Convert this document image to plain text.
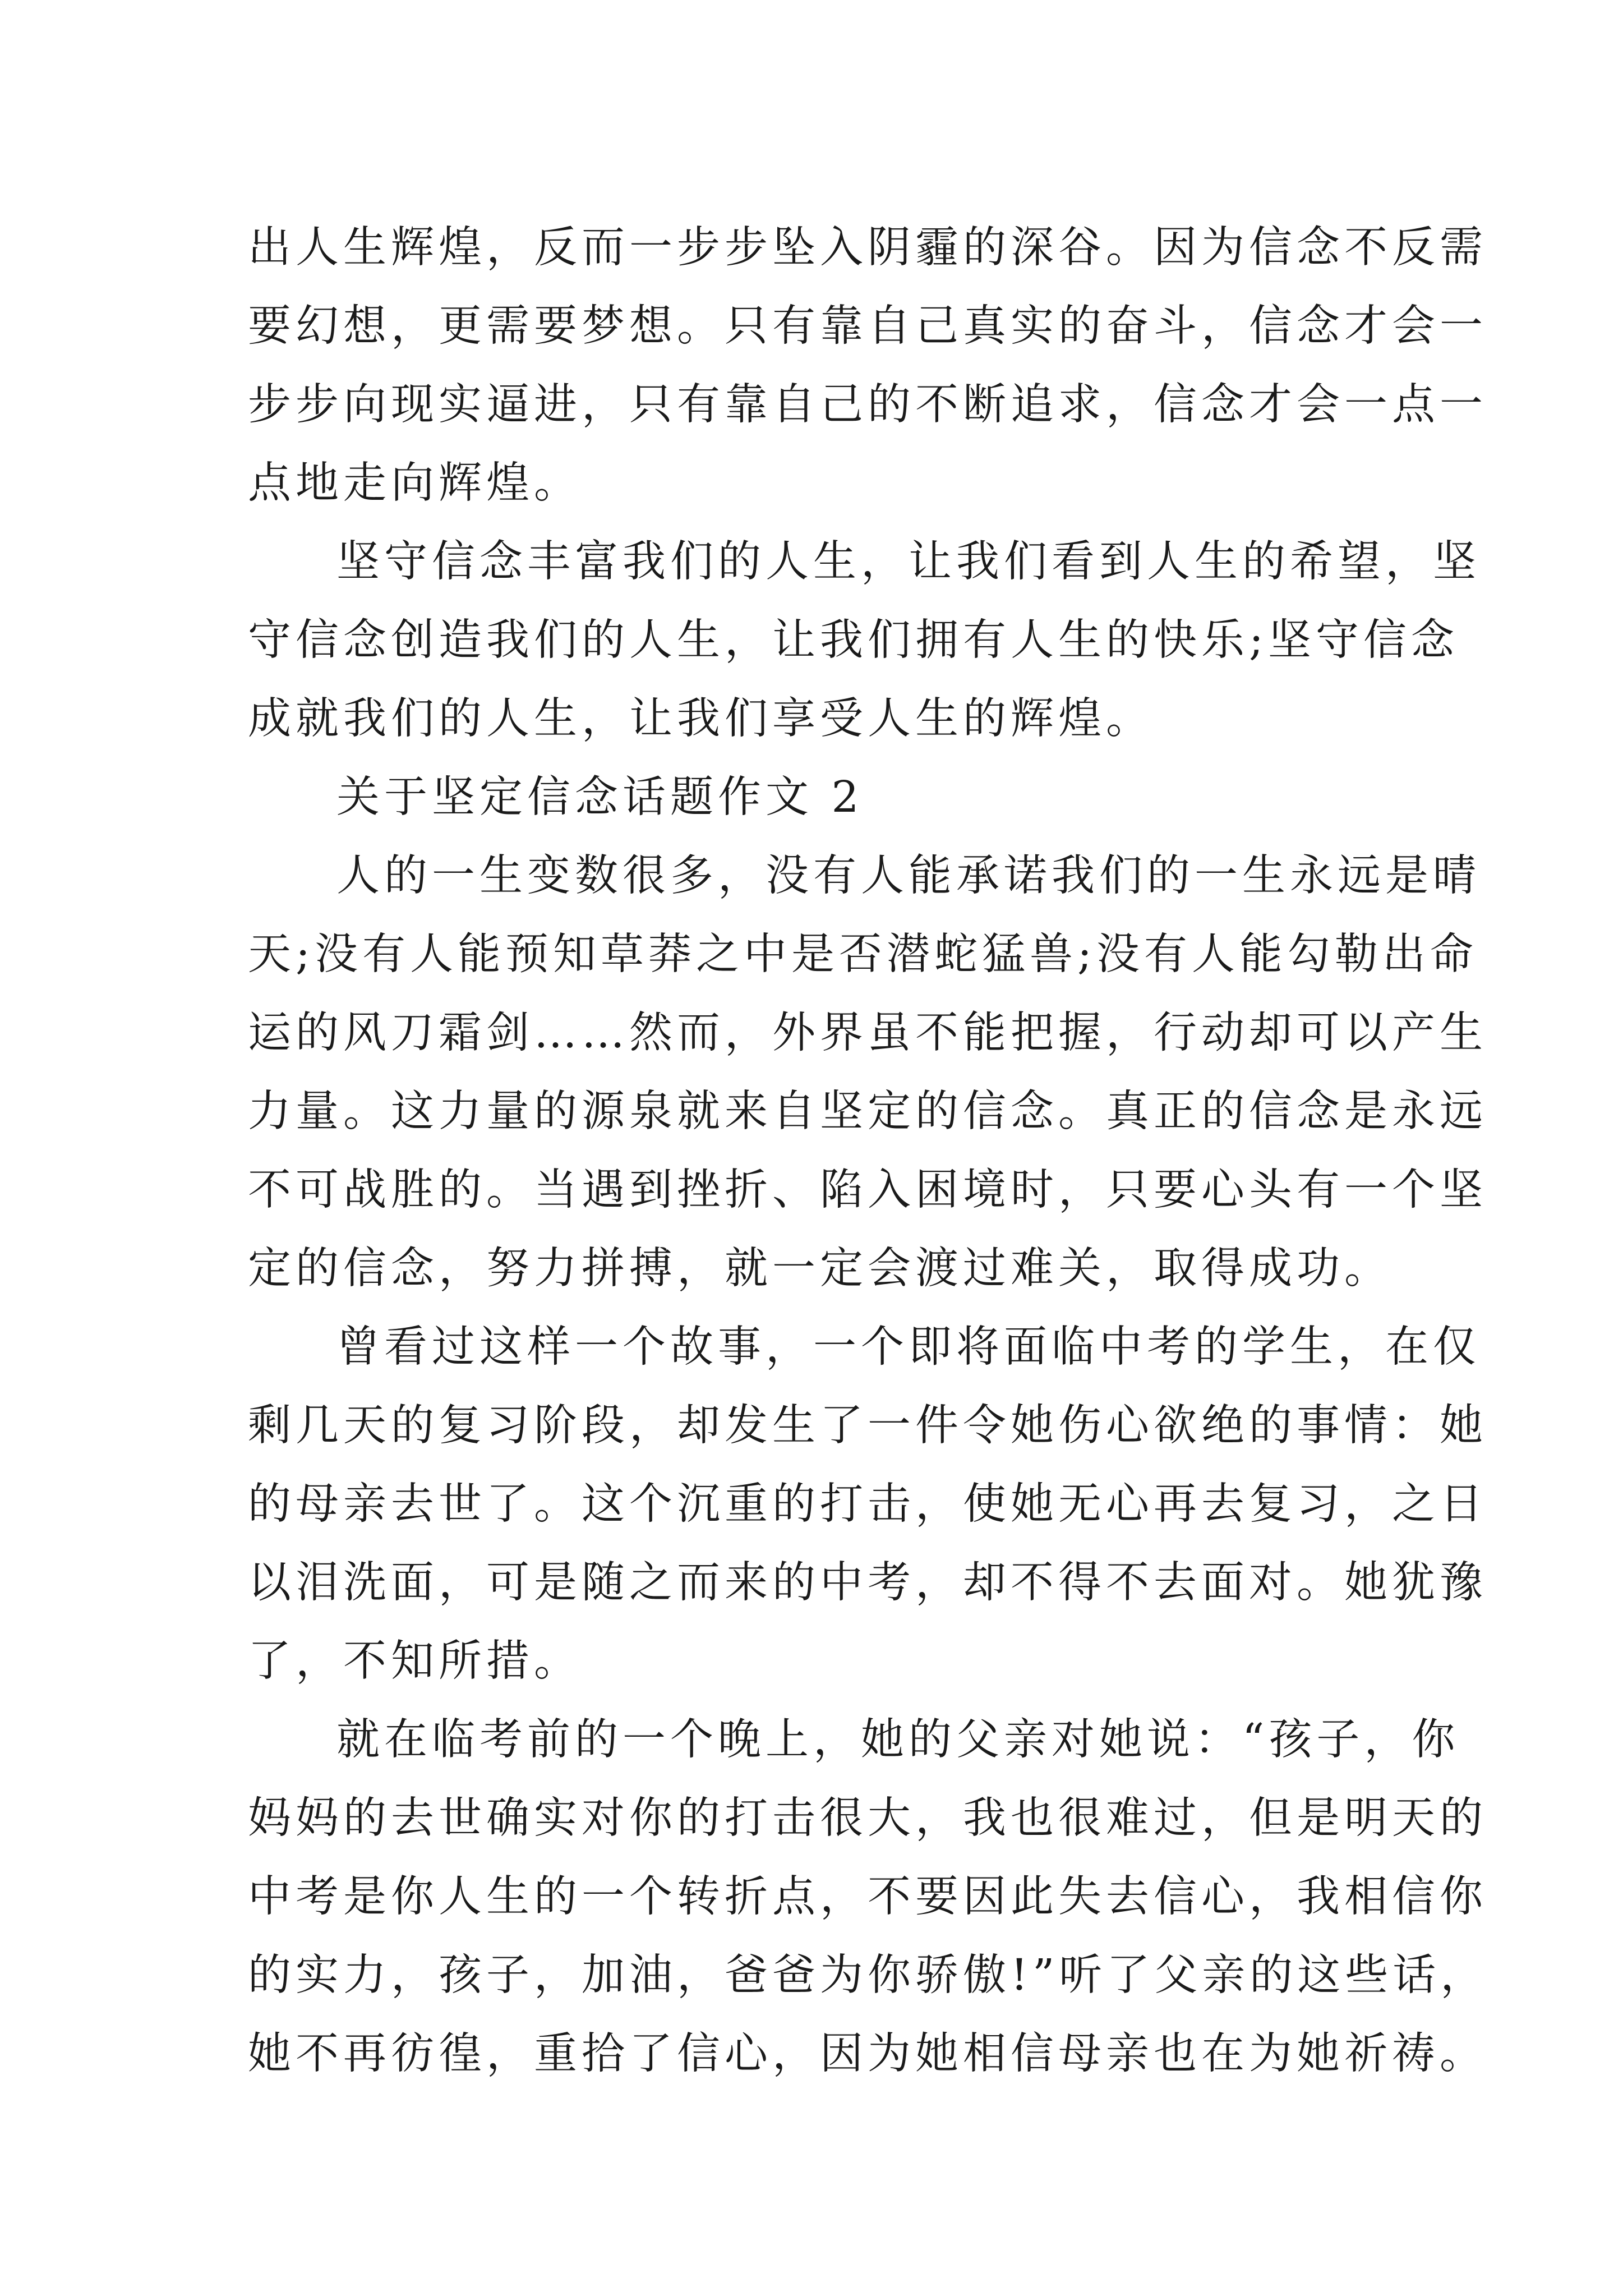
出人生辉煌，反而一步步坠入阴霾的深谷。因为信念不反需
要幻想，更需要梦想。只有靠自己真实的奋斗，信念才会一
步步向现实逼进，只有靠自己的不断追求，信念才会一点一
点地走向辉煌。
坚守信念丰富我们的人生，让我们看到人生的希望，坚
守信念创造我们的人生，让我们拥有人生的快乐;坚守信念
成就我们的人生，让我们享受人生的辉煌。
关于坚定信念话题作文 2
人的一生变数很多，没有人能承诺我们的一生永远是晴
天;没有人能预知草莽之中是否潜蛇猛兽;没有人能勾勒出命
运的风刀霜剑……然而，外界虽不能把握，行动却可以产生
力量。这力量的源泉就来自坚定的信念。真正的信念是永远
不可战胜的。当遇到挫折、陷入困境时，只要心头有一个坚
定的信念，努力拼搏，就一定会渡过难关，取得成功。
曾看过这样一个故事，一个即将面临中考的学生，在仅
剩几天的复习阶段，却发生了一件令她伤心欲绝的事情：她
的母亲去世了。这个沉重的打击，使她无心再去复习，之日
以泪洗面，可是随之而来的中考，却不得不去面对。她犹豫
了，不知所措。
就在临考前的一个晚上，她的父亲对她说：“孩子，你
妈妈的去世确实对你的打击很大，我也很难过，但是明天的
中考是你人生的一个转折点，不要因此失去信心，我相信你
的实力，孩子，加油，爸爸为你骄傲!”听了父亲的这些话，
她不再彷徨，重拾了信心，因为她相信母亲也在为她祈祷。
